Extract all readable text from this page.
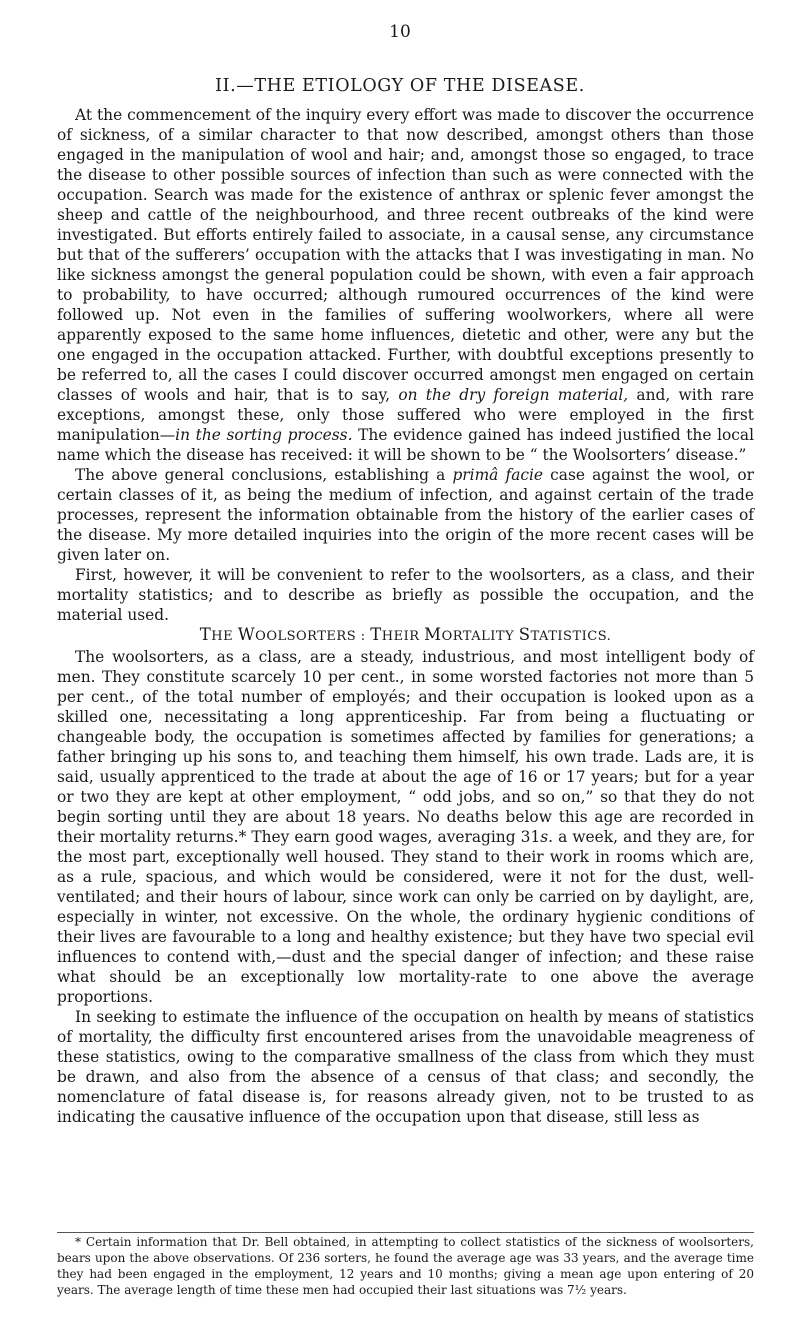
10
II.—THE ETIOLOGY OF THE DISEASE.

At the commencement of the inquiry every effort was made to discover the occurrence of sickness, of a similar character to that now described, amongst others than those engaged in the manipulation of wool and hair; and, amongst those so engaged, to trace the disease to other possible sources of infection than such as were connected with the occupation. Search was made for the existence of anthrax or splenic fever amongst the sheep and cattle of the neighbourhood, and three recent outbreaks of the kind were investigated. But efforts entirely failed to associate, in a causal sense, any circumstance but that of the sufferers’ occupation with the attacks that I was investigating in man. No like sickness amongst the general population could be shown, with even a fair approach to probability, to have occurred; although rumoured occurrences of the kind were followed up. Not even in the families of suffering woolworkers, where all were apparently exposed to the same home influences, dietetic and other, were any but the one engaged in the occupation attacked. Further, with doubtful exceptions presently to be referred to, all the cases I could discover occurred amongst men engaged on certain classes of wools and hair, that is to say, on the dry foreign material, and, with rare exceptions, amongst these, only those suffered who were employed in the first manipulation—in the sorting process. The evidence gained has indeed justified the local name which the disease has received: it will be shown to be “ the Woolsorters’ disease.”

The above general conclusions, establishing a primâ facie case against the wool, or certain classes of it, as being the medium of infection, and against certain of the trade processes, represent the information obtainable from the history of the earlier cases of the disease. My more detailed inquiries into the origin of the more recent cases will be given later on.

First, however, it will be convenient to refer to the woolsorters, as a class, and their mortality statistics; and to describe as briefly as possible the occupation, and the material used.

THE WOOLSORTERS : THEIR MORTALITY STATISTICS.

The woolsorters, as a class, are a steady, industrious, and most intelligent body of men. They constitute scarcely 10 per cent., in some worsted factories not more than 5 per cent., of the total number of employés; and their occupation is looked upon as a skilled one, necessitating a long apprenticeship. Far from being a fluctuating or changeable body, the occupation is sometimes affected by families for generations; a father bringing up his sons to, and teaching them himself, his own trade. Lads are, it is said, usually apprenticed to the trade at about the age of 16 or 17 years; but for a year or two they are kept at other employment, “ odd jobs, and so on,” so that they do not begin sorting until they are about 18 years. No deaths below this age are recorded in their mortality returns.* They earn good wages, averaging 31s. a week, and they are, for the most part, exceptionally well housed. They stand to their work in rooms which are, as a rule, spacious, and which would be considered, were it not for the dust, well-ventilated; and their hours of labour, since work can only be carried on by daylight, are, especially in winter, not excessive. On the whole, the ordinary hygienic conditions of their lives are favourable to a long and healthy existence; but they have two special evil influences to contend with,—dust and the special danger of infection; and these raise what should be an exceptionally low mortality-rate to one above the average proportions.

In seeking to estimate the influence of the occupation on health by means of statistics of mortality, the difficulty first encountered arises from the unavoidable meagreness of these statistics, owing to the comparative smallness of the class from which they must be drawn, and also from the absence of a census of that class; and secondly, the nomenclature of fatal disease is, for reasons already given, not to be trusted to as indicating the causative influence of the occupation upon that disease, still less as

* Certain information that Dr. Bell obtained, in attempting to collect statistics of the sickness of woolsorters, bears upon the above observations. Of 236 sorters, he found the average age was 33 years, and the average time they had been engaged in the employment, 12 years and 10 months; giving a mean age upon entering of 20 years. The average length of time these men had occupied their last situations was 7½ years.
